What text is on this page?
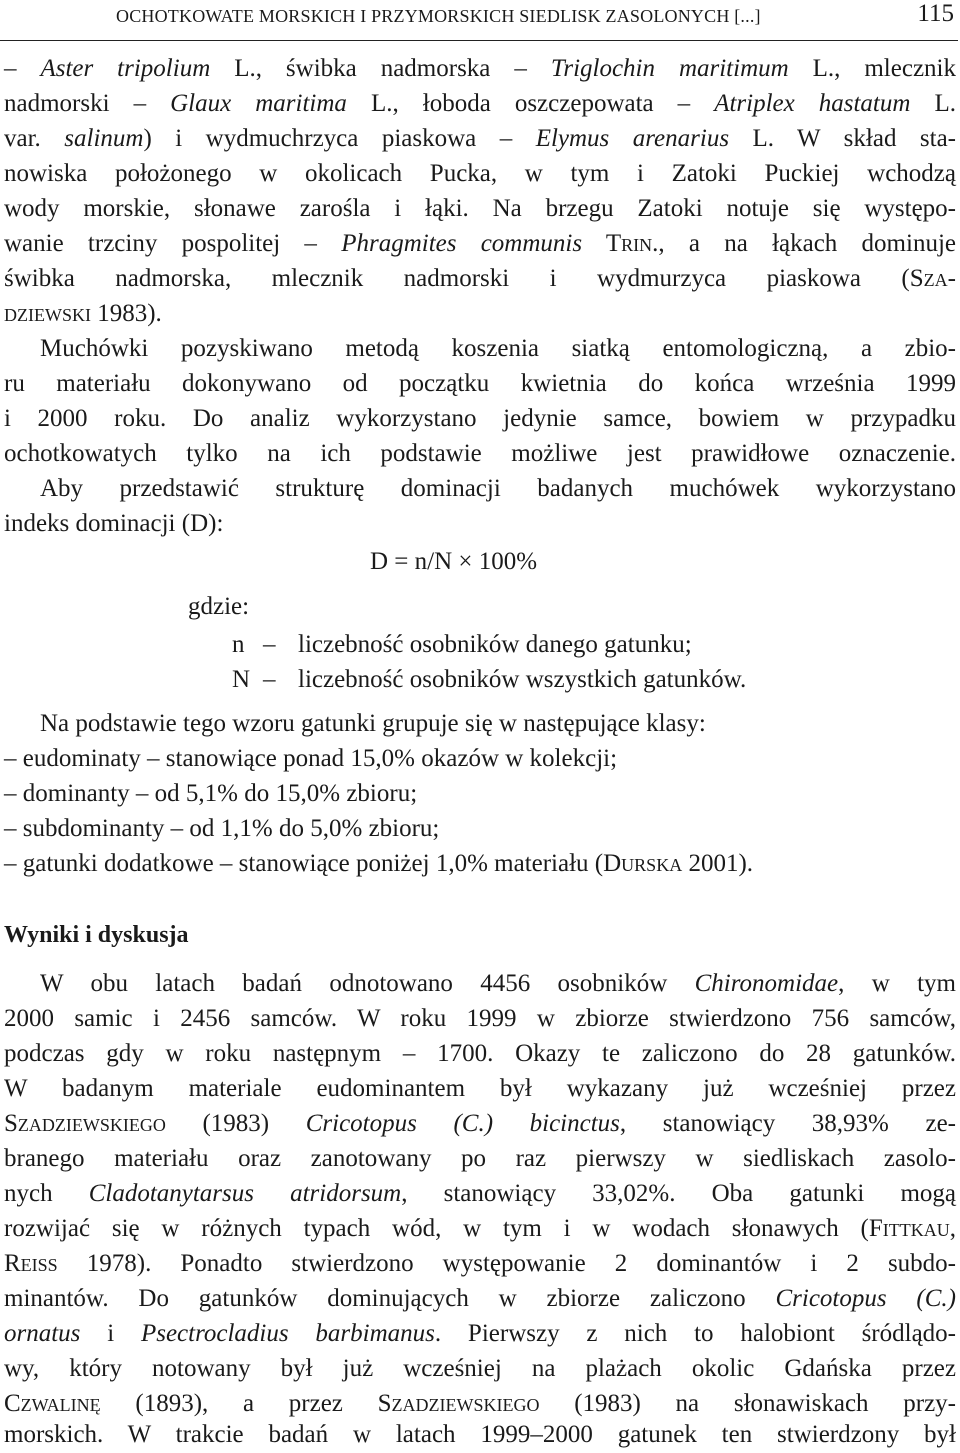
OCHOTKOWATE MORSKICH I PRZYMORSKICH SIEDLISK ZASOLONYCH [...]	115
– Aster tripolium L., świbka nadmorska – Triglochin maritimum L., mlecznik
nadmorski – Glaux maritima L., łoboda oszczepowata – Atriplex hastatum L.
var. salinum) i wydmuchrzyca piaskowa – Elymus arenarius L. W skład sta-
nowiska położonego w okolicach Pucka, w tym i Zatoki Puckiej wchodzą
wody morskie, słonawe zarośla i łąki. Na brzegu Zatoki notuje się występo-
wanie trzciny pospolitej – Phragmites communis Trin., a na łąkach dominuje
świbka nadmorska, mlecznik nadmorski i wydmurzyca piaskowa (Sza-
dziewski 1983).
Muchówki pozyskiwano metodą koszenia siatką entomologiczną, a zbio-
ru materiału dokonywano od początku kwietnia do końca września 1999
i 2000 roku. Do analiz wykorzystano jedynie samce, bowiem w przypadku
ochotkowatych tylko na ich podstawie możliwe jest prawidłowe oznaczenie.
Aby przedstawić strukturę dominacji badanych muchówek wykorzystano
indeks dominacji (D):
D = n/N × 100%
gdzie:
n – liczebność osobników danego gatunku;
N – liczebność osobników wszystkich gatunków.
Na podstawie tego wzoru gatunki grupuje się w następujące klasy:
– eudominaty – stanowiące ponad 15,0% okazów w kolekcji;
– dominanty – od 5,1% do 15,0% zbioru;
– subdominanty – od 1,1% do 5,0% zbioru;
– gatunki dodatkowe – stanowiące poniżej 1,0% materiału (Durska 2001).
Wyniki i dyskusja
W obu latach badań odnotowano 4456 osobników Chironomidae, w tym
2000 samic i 2456 samców. W roku 1999 w zbiorze stwierdzono 756 samców,
podczas gdy w roku następnym – 1700. Okazy te zaliczono do 28 gatunków.
W badanym materiale eudominantem był wykazany już wcześniej przez
Szadziewskiego (1983) Cricotopus (C.) bicinctus, stanowiący 38,93% ze-
branego materiału oraz zanotowany po raz pierwszy w siedliskach zasolo-
nych Cladotanytarsus atridorsum, stanowiący 33,02%. Oba gatunki mogą
rozwijać się w różnych typach wód, w tym i w wodach słonawych (Fittkau,
Reiss 1978). Ponadto stwierdzono występowanie 2 dominantów i 2 subdo-
minantów. Do gatunków dominujących w zbiorze zaliczono Cricotopus (C.)
ornatus i Psectrocladius barbimanus. Pierwszy z nich to halobiont śródlądo-
wy, który notowany był już wcześniej na plażach okolic Gdańska przez
Czwalinę (1893), a przez Szadziewskiego (1983) na słonawiskach przy-
morskich. W trakcie badań w latach 1999–2000 gatunek ten stwierdzony był
